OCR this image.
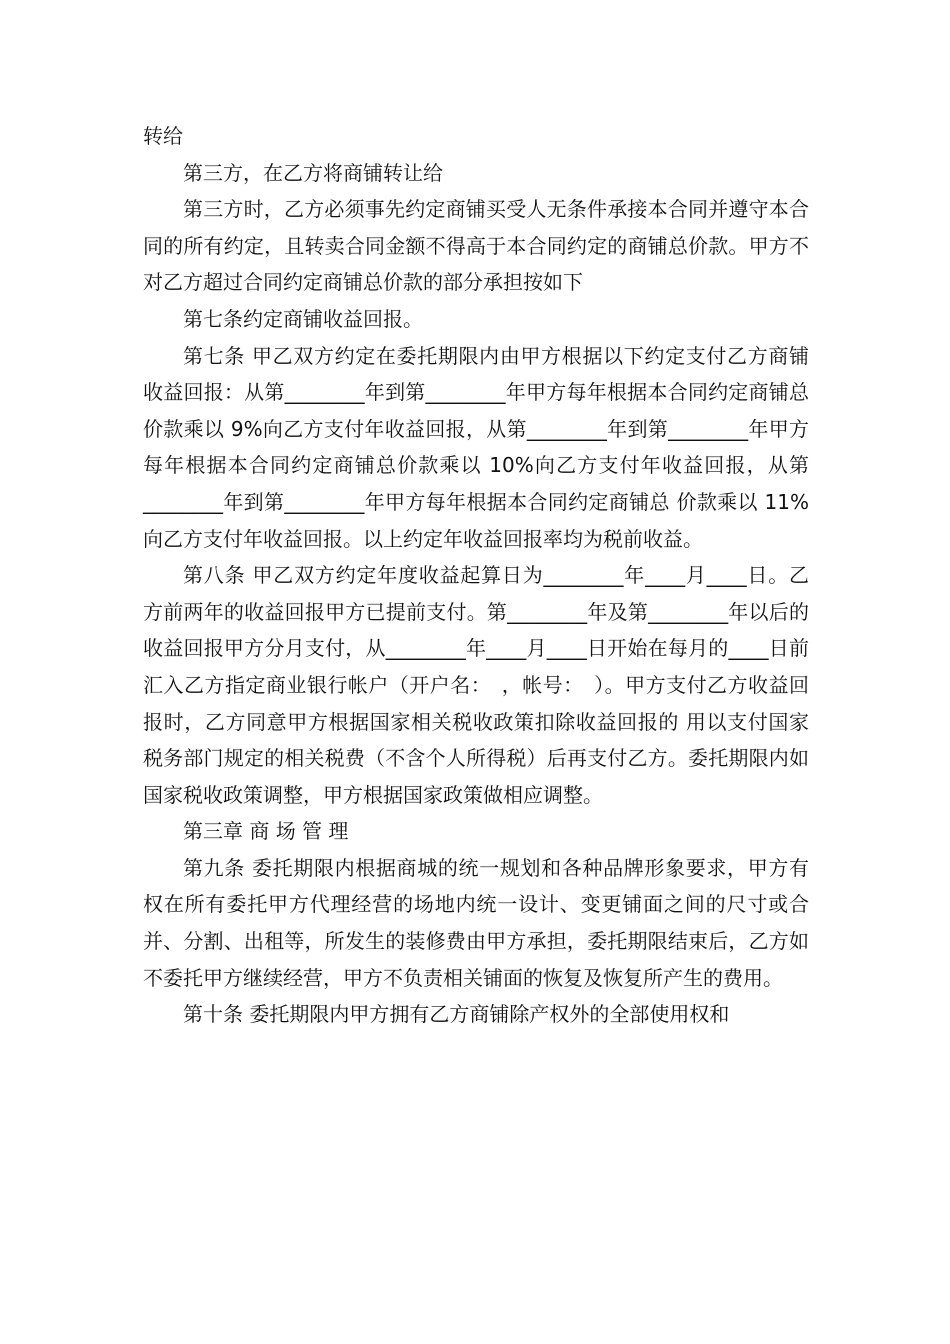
转给

第三方，在乙方将商铺转让给

第三方时，乙方必须事先约定商铺买受人无条件承接本合同并遵守本合同的所有约定，且转卖合同金额不得高于本合同约定的商铺总价款。甲方不对乙方超过合同约定商铺总价款的部分承担按如下

第七条约定商铺收益回报。

第七条 甲乙双方约定在委托期限内由甲方根据以下约定支付乙方商铺收益回报：从第________年到第________年甲方每年根据本合同约定商铺总价款乘以 9%向乙方支付年收益回报，从第________年到第________年甲方每年根据本合同约定商铺总价款乘以 10%向乙方支付年收益回报，从第________年到第________年甲方每年根据本合同约定商铺总 价款乘以 11%向乙方支付年收益回报。以上约定年收益回报率均为税前收益。

第八条 甲乙双方约定年度收益起算日为________年____月____日。乙方前两年的收益回报甲方已提前支付。第________年及第________年以后的收益回报甲方分月支付，从________年____月____日开始在每月的____日前汇入乙方指定商业银行帐户（开户名：　，帐号：　）。甲方支付乙方收益回报时，乙方同意甲方根据国家相关税收政策扣除收益回报的 用以支付国家税务部门规定的相关税费（不含个人所得税）后再支付乙方。委托期限内如国家税收政策调整，甲方根据国家政策做相应调整。

第三章 商 场 管 理

第九条 委托期限内根据商城的统一规划和各种品牌形象要求，甲方有权在所有委托甲方代理经营的场地内统一设计、变更铺面之间的尺寸或合并、分割、出租等，所发生的装修费由甲方承担，委托期限结束后，乙方如不委托甲方继续经营，甲方不负责相关铺面的恢复及恢复所产生的费用。

第十条 委托期限内甲方拥有乙方商铺除产权外的全部使用权和
